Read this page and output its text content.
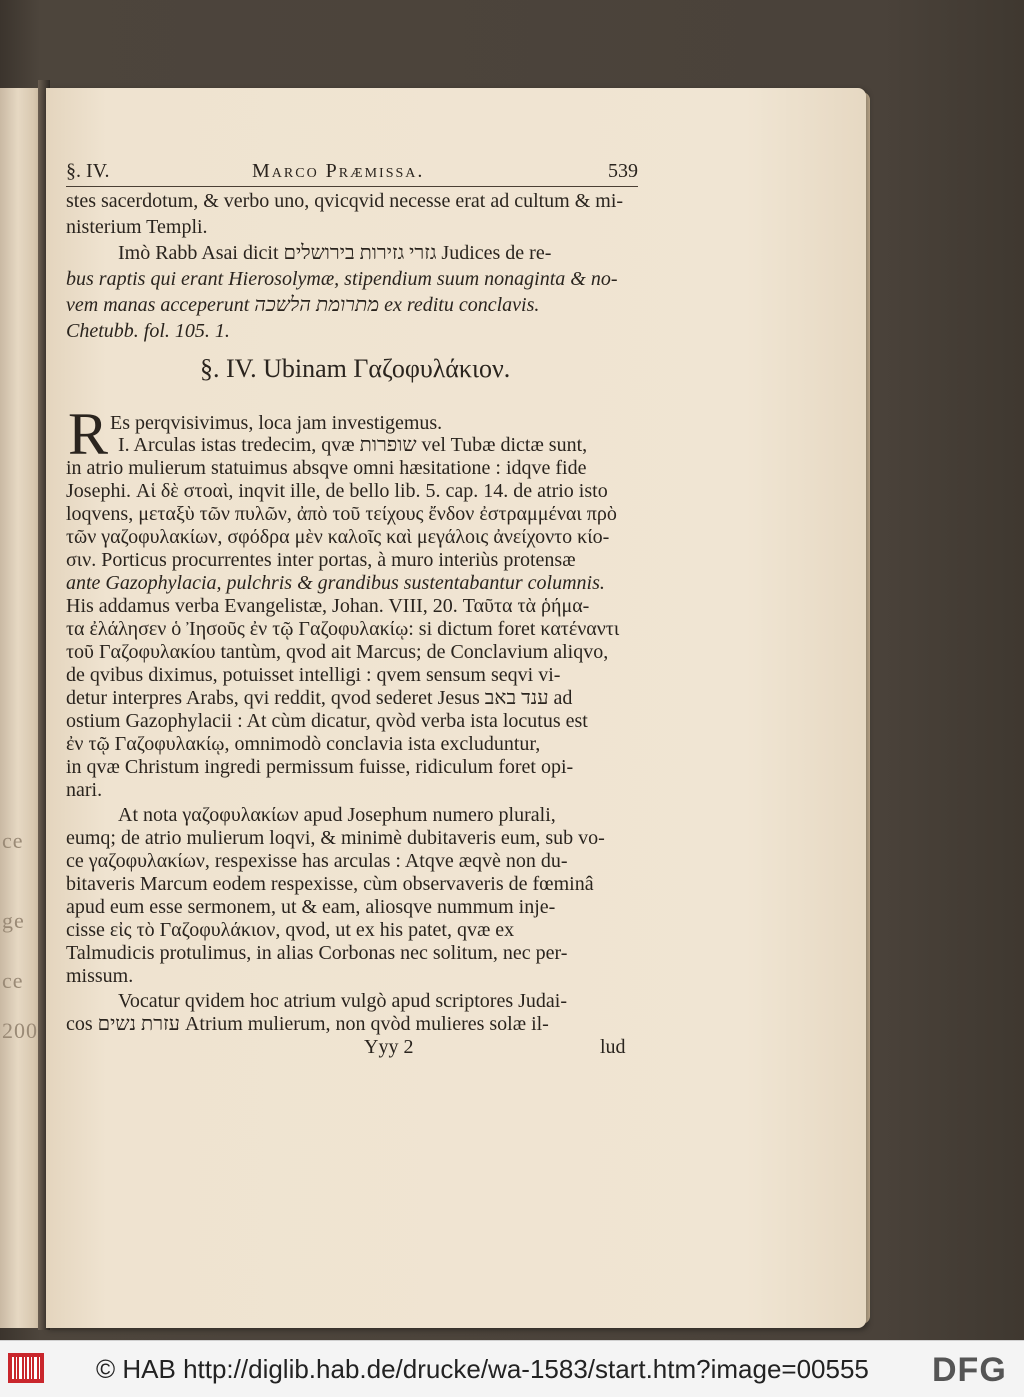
ce
ge
ce
200
§. IV.	Marco Præmissa.	539
stes sacerdotum, & verbo uno, qvicqvid necesse erat ad cultum & mi-
nisterium Templi.
Imò Rabb Asai dicit גזרי גזירות בירושלים Judices de re-
bus raptis qui erant Hierosolymæ, stipendium suum nonaginta & no-
vem manas acceperunt מתרומת הלשכה ex reditu conclavis.
Chetubb. fol. 105. 1.
§. IV. Ubinam Γαζοφυλάκιον.
R Es perqvisivimus, loca jam investigemus.
I. Arculas istas tredecim, qvæ שופרות vel Tubæ dictæ sunt,
in atrio mulierum statuimus absqve omni hæsitatione : idqve fide
Josephi. Αἱ δὲ στοαὶ, inqvit ille, de bello lib. 5. cap. 14. de atrio isto
loqvens, μεταξὺ τῶν πυλῶν, ἀπὸ τοῦ τείχους ἔνδον ἐστραμμέναι πρὸ
τῶν γαζοφυλακίων, σφόδρα μὲν καλοῖς καὶ μεγάλοις ἀνείχοντο κίο-
σιν. Porticus procurrentes inter portas, à muro interiùs protensæ
ante Gazophylacia, pulchris & grandibus sustentabantur columnis.
His addamus verba Evangelistæ, Johan. VIII, 20. Ταῦτα τὰ ῥήμα-
τα ἐλάλησεν ὁ Ἰησοῦς ἐν τῷ Γαζοφυλακίῳ: si dictum foret κατέναντι
τοῦ Γαζοφυλακίου tantùm, qvod ait Marcus; de Conclavium aliqvo,
de qvibus diximus, potuisset intelligi : qvem sensum seqvi vi-
detur interpres Arabs, qvi reddit, qvod sederet Jesus ענד באב ad
ostium Gazophylacii : At cùm dicatur, qvòd verba ista locutus est
ἐν τῷ Γαζοφυλακίῳ, omnimodò conclavia ista excluduntur,
in qvæ Christum ingredi permissum fuisse, ridiculum foret opi-
nari.
At nota γαζοφυλακίων apud Josephum numero plurali,
eumq; de atrio mulierum loqvi, & minimè dubitaveris eum, sub vo-
ce γαζοφυλακίων, respexisse has arculas : Atqve æqvè non du-
bitaveris Marcum eodem respexisse, cùm observaveris de fœminâ
apud eum esse sermonem, ut & eam, aliosqve nummum inje-
cisse εἰς τὸ Γαζοφυλάκιον, qvod, ut ex his patet, qvæ ex
Talmudicis protulimus, in alias Corbonas nec solitum, nec per-
missum.
Vocatur qvidem hoc atrium vulgò apud scriptores Judai-
cos עזרת נשים Atrium mulierum, non qvòd mulieres solæ il-
Yyy 2	lud
© HAB http://diglib.hab.de/drucke/wa-1583/start.htm?image=00555 DFG
